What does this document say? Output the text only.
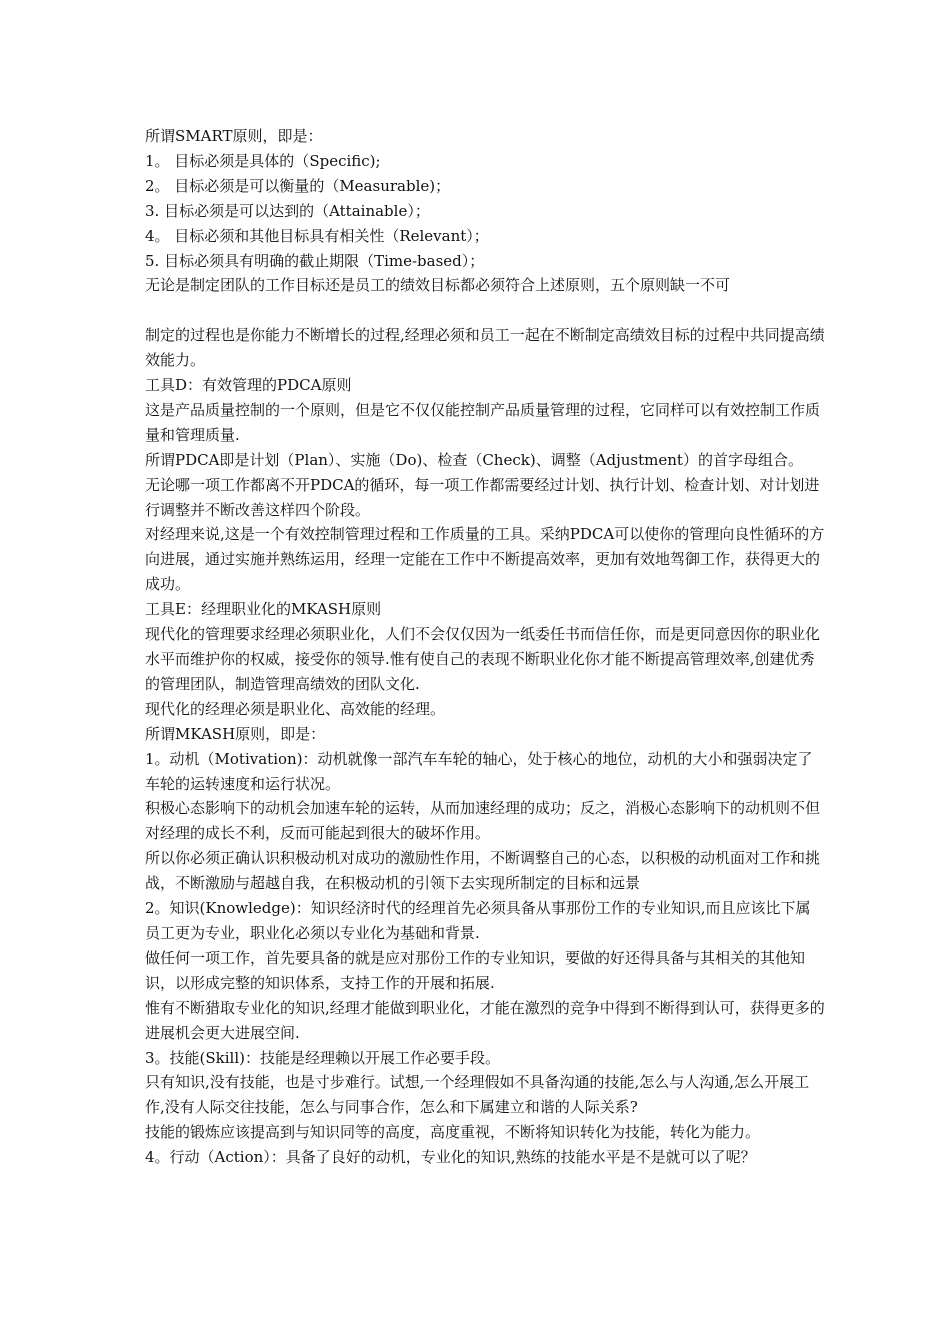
所谓SMART原则，即是：

1。 目标必须是具体的（Specific);

2。 目标必须是可以衡量的（Measurable)；

3. 目标必须是可以达到的（Attainable）；

4。 目标必须和其他目标具有相关性（Relevant）；

5. 目标必须具有明确的截止期限（Time-based）；

无论是制定团队的工作目标还是员工的绩效目标都必须符合上述原则，五个原则缺一不可

制定的过程也是你能力不断增长的过程,经理必须和员工一起在不断制定高绩效目标的过程中共同提高绩效能力。

工具D：有效管理的PDCA原则

这是产品质量控制的一个原则，但是它不仅仅能控制产品质量管理的过程，它同样可以有效控制工作质量和管理质量.

所谓PDCA即是计划（Plan）、实施（Do)、检查（Check)、调整（Adjustment）的首字母组合。

无论哪一项工作都离不开PDCA的循环，每一项工作都需要经过计划、执行计划、检查计划、对计划进行调整并不断改善这样四个阶段。

对经理来说,这是一个有效控制管理过程和工作质量的工具。采纳PDCA可以使你的管理向良性循环的方向进展，通过实施并熟练运用，经理一定能在工作中不断提高效率，更加有效地驾御工作，获得更大的成功。

工具E：经理职业化的MKASH原则

现代化的管理要求经理必须职业化，人们不会仅仅因为一纸委任书而信任你，而是更同意因你的职业化水平而维护你的权威，接受你的领导.惟有使自己的表现不断职业化你才能不断提高管理效率,创建优秀的管理团队，制造管理高绩效的团队文化.

现代化的经理必须是职业化、高效能的经理。

所谓MKASH原则，即是：

1。动机（Motivation)：动机就像一部汽车车轮的轴心，处于核心的地位，动机的大小和强弱决定了车轮的运转速度和运行状况。

积极心态影响下的动机会加速车轮的运转，从而加速经理的成功；反之，消极心态影响下的动机则不但对经理的成长不利，反而可能起到很大的破坏作用。

所以你必须正确认识积极动机对成功的激励性作用，不断调整自己的心态，以积极的动机面对工作和挑战，不断激励与超越自我，在积极动机的引领下去实现所制定的目标和远景

2。知识(Knowledge)：知识经济时代的经理首先必须具备从事那份工作的专业知识,而且应该比下属员工更为专业，职业化必须以专业化为基础和背景.

做任何一项工作，首先要具备的就是应对那份工作的专业知识，要做的好还得具备与其相关的其他知识，以形成完整的知识体系，支持工作的开展和拓展.

惟有不断猎取专业化的知识,经理才能做到职业化，才能在激烈的竞争中得到不断得到认可，获得更多的进展机会更大进展空间.

3。技能(Skill)：技能是经理赖以开展工作必要手段。

只有知识,没有技能，也是寸步难行。试想,一个经理假如不具备沟通的技能,怎么与人沟通,怎么开展工作,没有人际交往技能，怎么与同事合作，怎么和下属建立和谐的人际关系?

技能的锻炼应该提高到与知识同等的高度，高度重视，不断将知识转化为技能，转化为能力。

4。行动（Action）：具备了良好的动机，专业化的知识,熟练的技能水平是不是就可以了呢？
